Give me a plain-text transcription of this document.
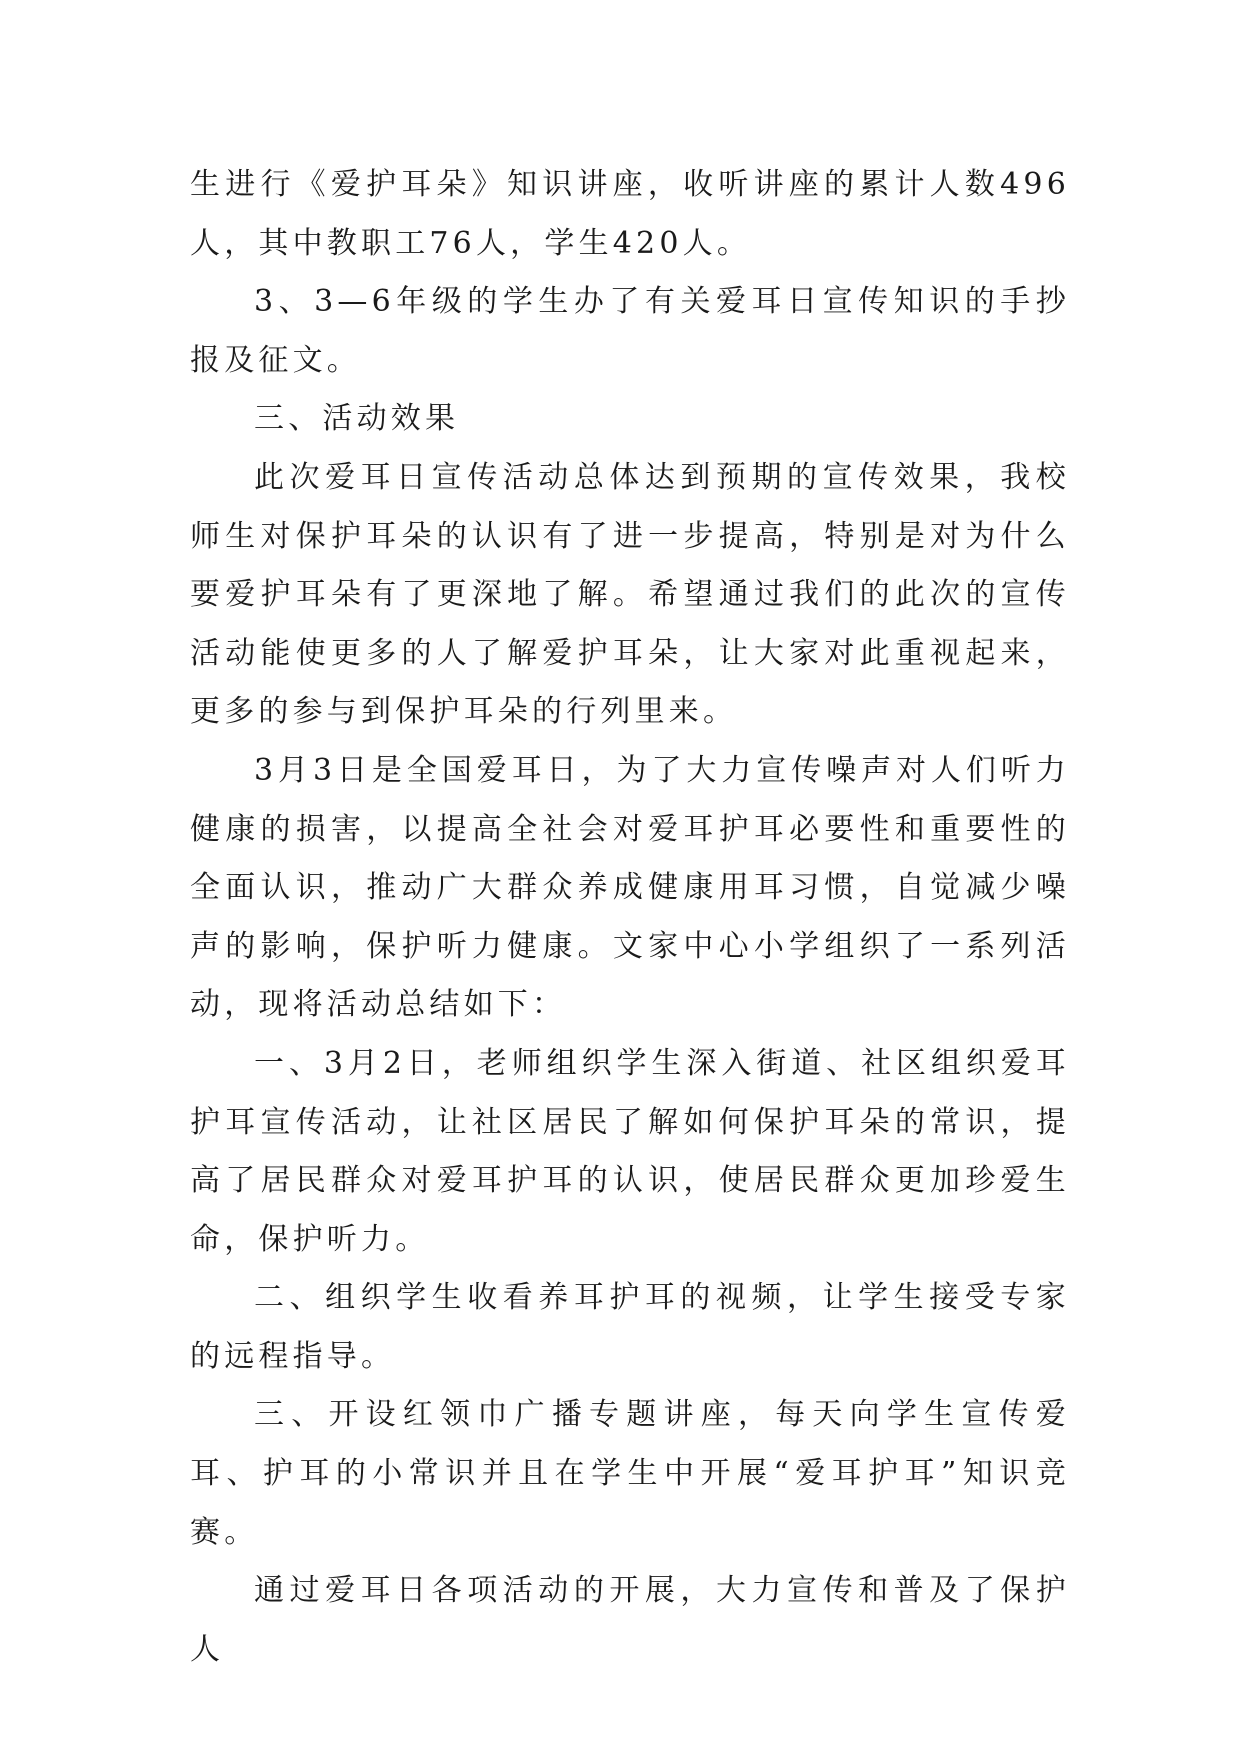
生进行《爱护耳朵》知识讲座，收听讲座的累计人数496人，其中教职工76人，学生420人。

3、3—6年级的学生办了有关爱耳日宣传知识的手抄报及征文。

三、活动效果

此次爱耳日宣传活动总体达到预期的宣传效果，我校师生对保护耳朵的认识有了进一步提高，特别是对为什么要爱护耳朵有了更深地了解。希望通过我们的此次的宣传活动能使更多的人了解爱护耳朵，让大家对此重视起来，更多的参与到保护耳朵的行列里来。

3月3日是全国爱耳日，为了大力宣传噪声对人们听力健康的损害，以提高全社会对爱耳护耳必要性和重要性的全面认识，推动广大群众养成健康用耳习惯，自觉减少噪声的影响，保护听力健康。文家中心小学组织了一系列活动，现将活动总结如下：

一、3月2日，老师组织学生深入街道、社区组织爱耳护耳宣传活动，让社区居民了解如何保护耳朵的常识，提高了居民群众对爱耳护耳的认识，使居民群众更加珍爱生命，保护听力。

二、组织学生收看养耳护耳的视频，让学生接受专家的远程指导。

三、开设红领巾广播专题讲座，每天向学生宣传爱耳、护耳的小常识并且在学生中开展“爱耳护耳”知识竞赛。

通过爱耳日各项活动的开展，大力宣传和普及了保护人
